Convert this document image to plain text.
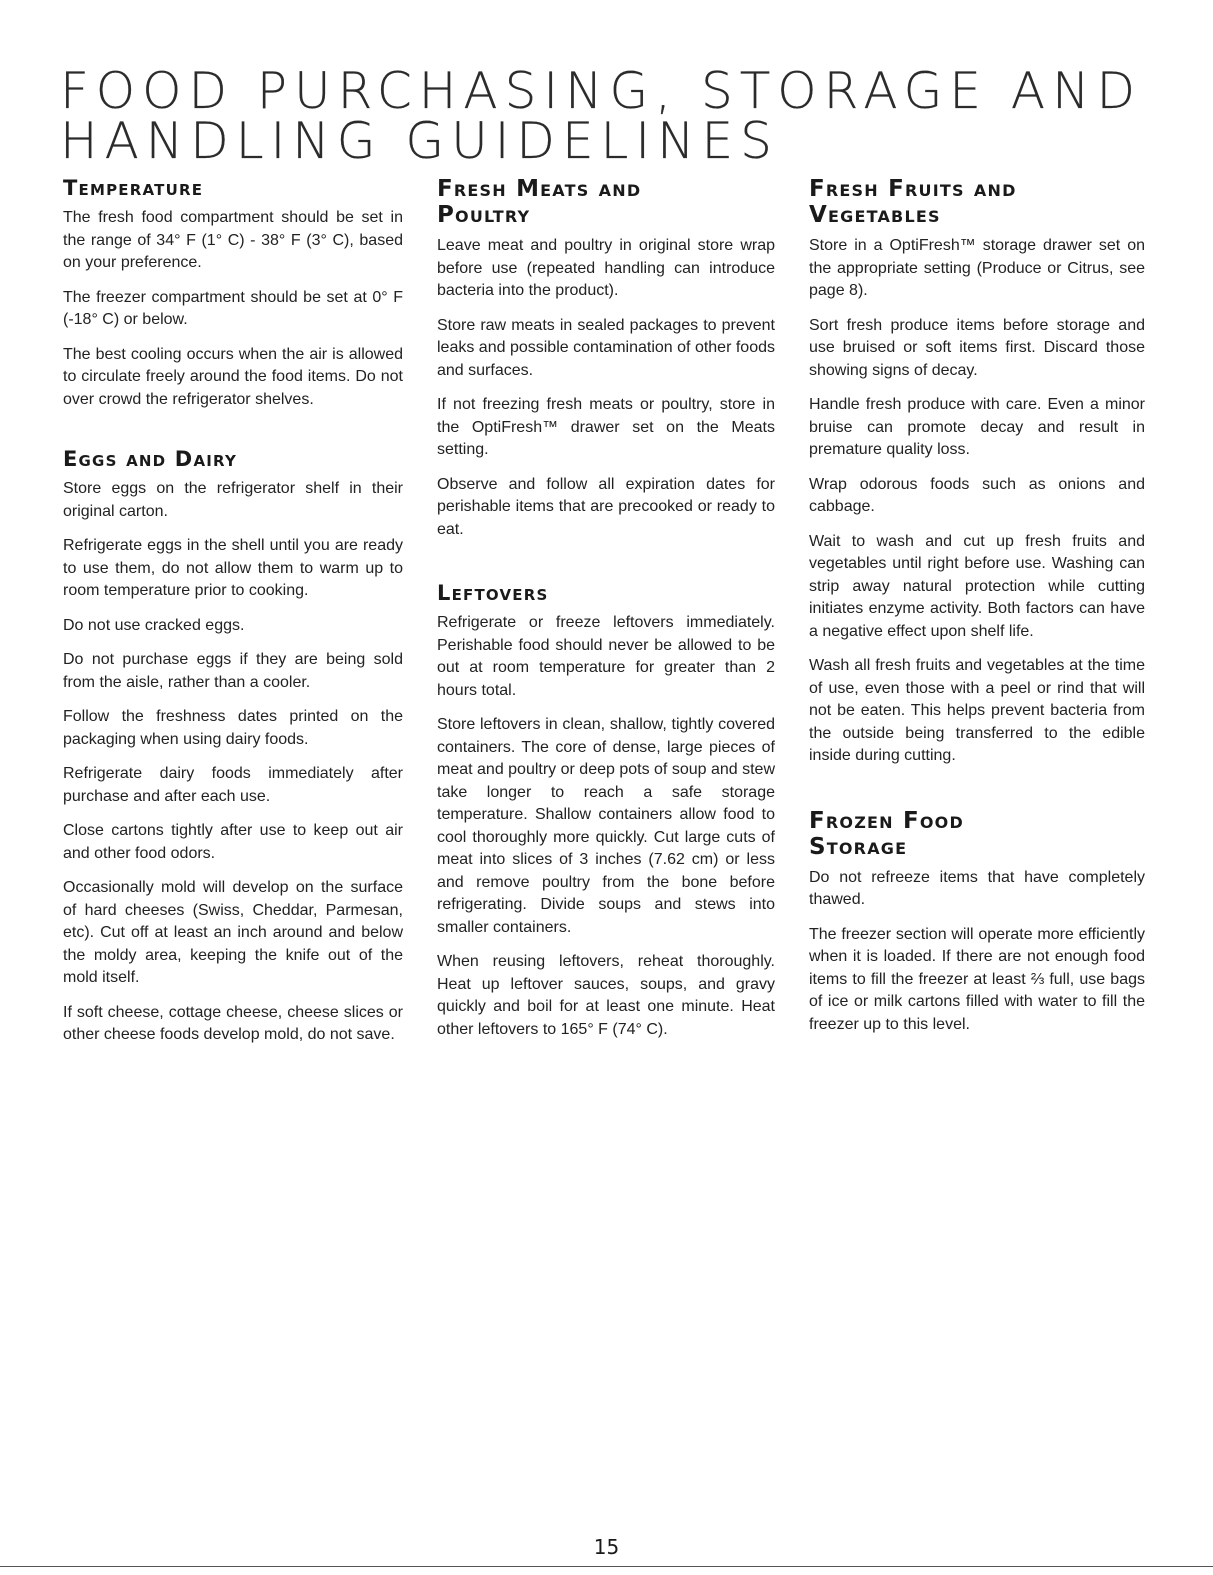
FOOD PURCHASING, STORAGE AND
HANDLING GUIDELINES
Temperature

The fresh food compartment should be set in the range of 34° F (1° C) - 38° F (3° C), based on your preference.

The freezer compartment should be set at 0° F (-18° C) or below.

The best cooling occurs when the air is allowed to circulate freely around the food items. Do not over crowd the refrigerator shelves.

Eggs and Dairy

Store eggs on the refrigerator shelf in their original carton.

Refrigerate eggs in the shell until you are ready to use them, do not allow them to warm up to room temperature prior to cooking.

Do not use cracked eggs.

Do not purchase eggs if they are being sold from the aisle, rather than a cooler.

Follow the freshness dates printed on the packaging when using dairy foods.

Refrigerate dairy foods immediately after purchase and after each use.

Close cartons tightly after use to keep out air and other food odors.

Occasionally mold will develop on the surface of hard cheeses (Swiss, Cheddar, Parmesan, etc). Cut off at least an inch around and below the moldy area, keeping the knife out of the mold itself.

If soft cheese, cottage cheese, cheese slices or other cheese foods develop mold, do not save.

Fresh Meats and
Poultry

Leave meat and poultry in original store wrap before use (repeated handling can introduce bacteria into the product).

Store raw meats in sealed packages to prevent leaks and possible contamination of other foods and surfaces.

If not freezing fresh meats or poultry, store in the OptiFresh™ drawer set on the Meats setting.

Observe and follow all expiration dates for perishable items that are precooked or ready to eat.

Leftovers

Refrigerate or freeze leftovers immediately. Perishable food should never be allowed to be out at room temperature for greater than 2 hours total.

Store leftovers in clean, shallow, tightly covered containers. The core of dense, large pieces of meat and poultry or deep pots of soup and stew take longer to reach a safe storage temperature. Shallow containers allow food to cool thoroughly more quickly. Cut large cuts of meat into slices of 3 inches (7.62 cm) or less and remove poultry from the bone before refrigerating. Divide soups and stews into smaller containers.

When reusing leftovers, reheat thoroughly. Heat up leftover sauces, soups, and gravy quickly and boil for at least one minute. Heat other leftovers to 165° F (74° C).

Fresh Fruits and
Vegetables

Store in a OptiFresh™ storage drawer set on the appropriate setting (Produce or Citrus, see page 8).

Sort fresh produce items before storage and use bruised or soft items first. Discard those showing signs of decay.

Handle fresh produce with care. Even a minor bruise can promote decay and result in premature quality loss.

Wrap odorous foods such as onions and cabbage.

Wait to wash and cut up fresh fruits and vegetables until right before use. Washing can strip away natural protection while cutting initiates enzyme activity. Both factors can have a negative effect upon shelf life.

Wash all fresh fruits and vegetables at the time of use, even those with a peel or rind that will not be eaten. This helps prevent bacteria from the outside being transferred to the edible inside during cutting.

Frozen Food
Storage

Do not refreeze items that have completely thawed.

The freezer section will operate more efficiently when it is loaded. If there are not enough food items to fill the freezer at least ⅔ full, use bags of ice or milk cartons filled with water to fill the freezer up to this level.

15
